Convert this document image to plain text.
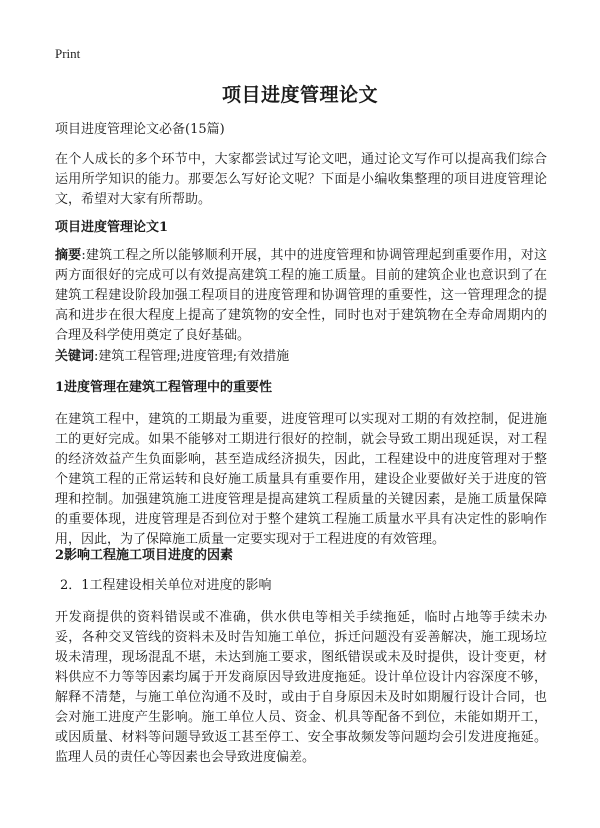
Print
项目进度管理论文

项目进度管理论文必备(15篇)

在个人成长的多个环节中，大家都尝试过写论文吧，通过论文写作可以提高我们综合运用所学知识的能力。那要怎么写好论文呢？下面是小编收集整理的项目进度管理论文，希望对大家有所帮助。

项目进度管理论文1

摘要:建筑工程之所以能够顺利开展，其中的进度管理和协调管理起到重要作用，对这两方面很好的完成可以有效提高建筑工程的施工质量。目前的建筑企业也意识到了在建筑工程建设阶段加强工程项目的进度管理和协调管理的重要性，这一管理理念的提高和进步在很大程度上提高了建筑物的安全性，同时也对于建筑物在全寿命周期内的合理及科学使用奠定了良好基础。

关键词:建筑工程管理;进度管理;有效措施

1进度管理在建筑工程管理中的重要性

在建筑工程中，建筑的工期最为重要，进度管理可以实现对工期的有效控制，促进施工的更好完成。如果不能够对工期进行很好的控制，就会导致工期出现延误，对工程的经济效益产生负面影响，甚至造成经济损失，因此，工程建设中的进度管理对于整个建筑工程的正常运转和良好施工质量具有重要作用，建设企业要做好关于进度的管理和控制。加强建筑施工进度管理是提高建筑工程质量的关键因素，是施工质量保障的重要体现，进度管理是否到位对于整个建筑工程施工质量水平具有决定性的影响作用，因此，为了保障施工质量一定要实现对于工程进度的有效管理。

2影响工程施工项目进度的因素

2．1工程建设相关单位对进度的影响

开发商提供的资料错误或不准确，供水供电等相关手续拖延，临时占地等手续未办妥，各种交叉管线的资料未及时告知施工单位，拆迁问题没有妥善解决，施工现场垃圾未清理，现场混乱不堪，未达到施工要求，图纸错误或未及时提供，设计变更，材料供应不力等等因素均属于开发商原因导致进度拖延。设计单位设计内容深度不够，解释不清楚，与施工单位沟通不及时，或由于自身原因未及时如期履行设计合同，也会对施工进度产生影响。施工单位人员、资金、机具等配备不到位，未能如期开工，或因质量、材料等问题导致返工甚至停工、安全事故频发等问题均会引发进度拖延。监理人员的责任心等因素也会导致进度偏差。
